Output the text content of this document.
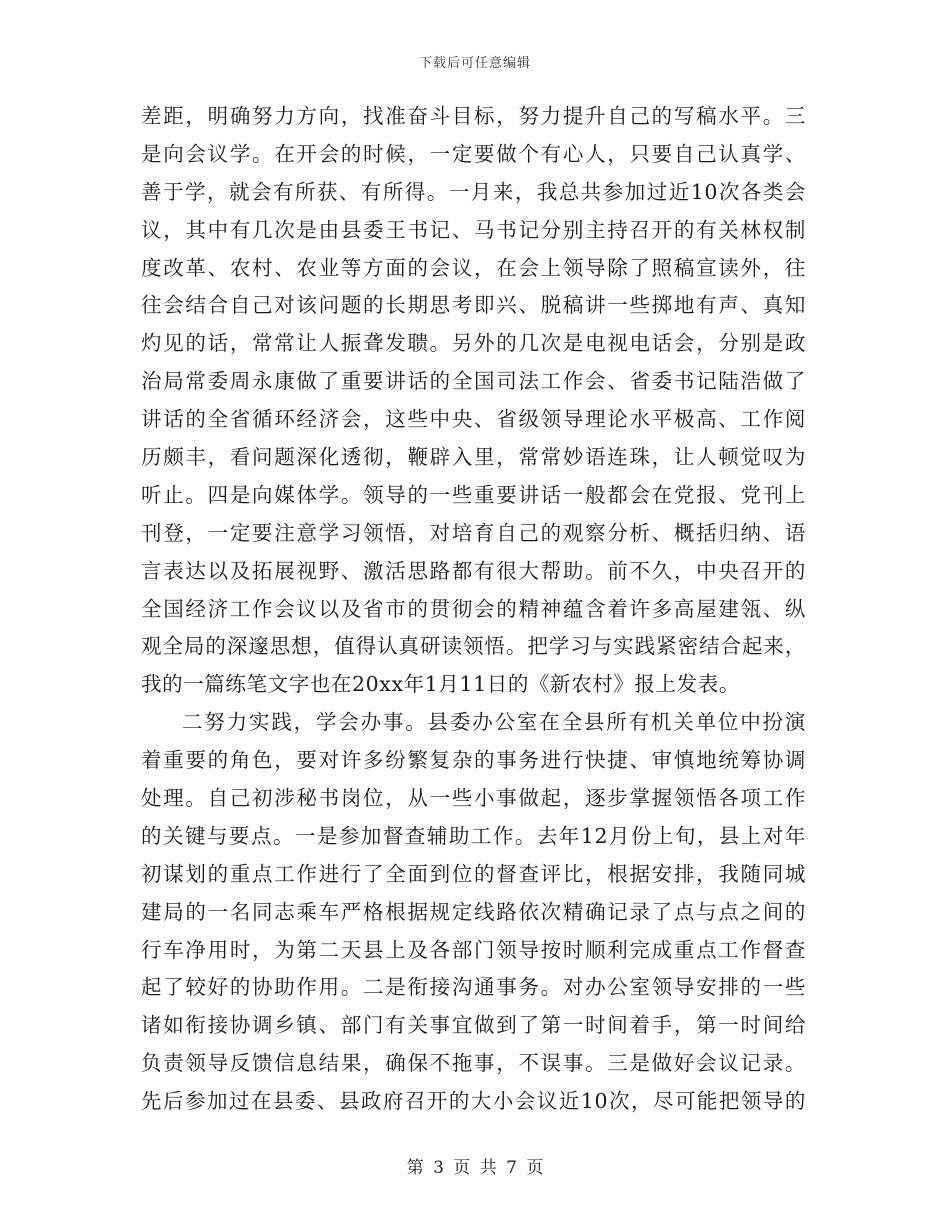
下载后可任意编辑
差距，明确努力方向，找准奋斗目标，努力提升自己的写稿水平。三
是向会议学。在开会的时候，一定要做个有心人，只要自己认真学、
善于学，就会有所获、有所得。一月来，我总共参加过近10次各类会
议，其中有几次是由县委王书记、马书记分别主持召开的有关林权制
度改革、农村、农业等方面的会议，在会上领导除了照稿宣读外，往
往会结合自己对该问题的长期思考即兴、脱稿讲一些掷地有声、真知
灼见的话，常常让人振聋发聩。另外的几次是电视电话会，分别是政
治局常委周永康做了重要讲话的全国司法工作会、省委书记陆浩做了
讲话的全省循环经济会，这些中央、省级领导理论水平极高、工作阅
历颇丰，看问题深化透彻，鞭辟入里，常常妙语连珠，让人顿觉叹为
听止。四是向媒体学。领导的一些重要讲话一般都会在党报、党刊上
刊登，一定要注意学习领悟，对培育自己的观察分析、概括归纳、语
言表达以及拓展视野、激活思路都有很大帮助。前不久，中央召开的
全国经济工作会议以及省市的贯彻会的精神蕴含着许多高屋建瓴、纵
观全局的深邃思想，值得认真研读领悟。把学习与实践紧密结合起来，
我的一篇练笔文字也在20xx年1月11日的《新农村》报上发表。
二努力实践，学会办事。县委办公室在全县所有机关单位中扮演
着重要的角色，要对许多纷繁复杂的事务进行快捷、审慎地统筹协调
处理。自己初涉秘书岗位，从一些小事做起，逐步掌握领悟各项工作
的关键与要点。一是参加督查辅助工作。去年12月份上旬，县上对年
初谋划的重点工作进行了全面到位的督查评比，根据安排，我随同城
建局的一名同志乘车严格根据规定线路依次精确记录了点与点之间的
行车净用时，为第二天县上及各部门领导按时顺利完成重点工作督查
起了较好的协助作用。二是衔接沟通事务。对办公室领导安排的一些
诸如衔接协调乡镇、部门有关事宜做到了第一时间着手，第一时间给
负责领导反馈信息结果，确保不拖事，不误事。三是做好会议记录。
先后参加过在县委、县政府召开的大小会议近10次，尽可能把领导的
第 3 页 共 7 页
